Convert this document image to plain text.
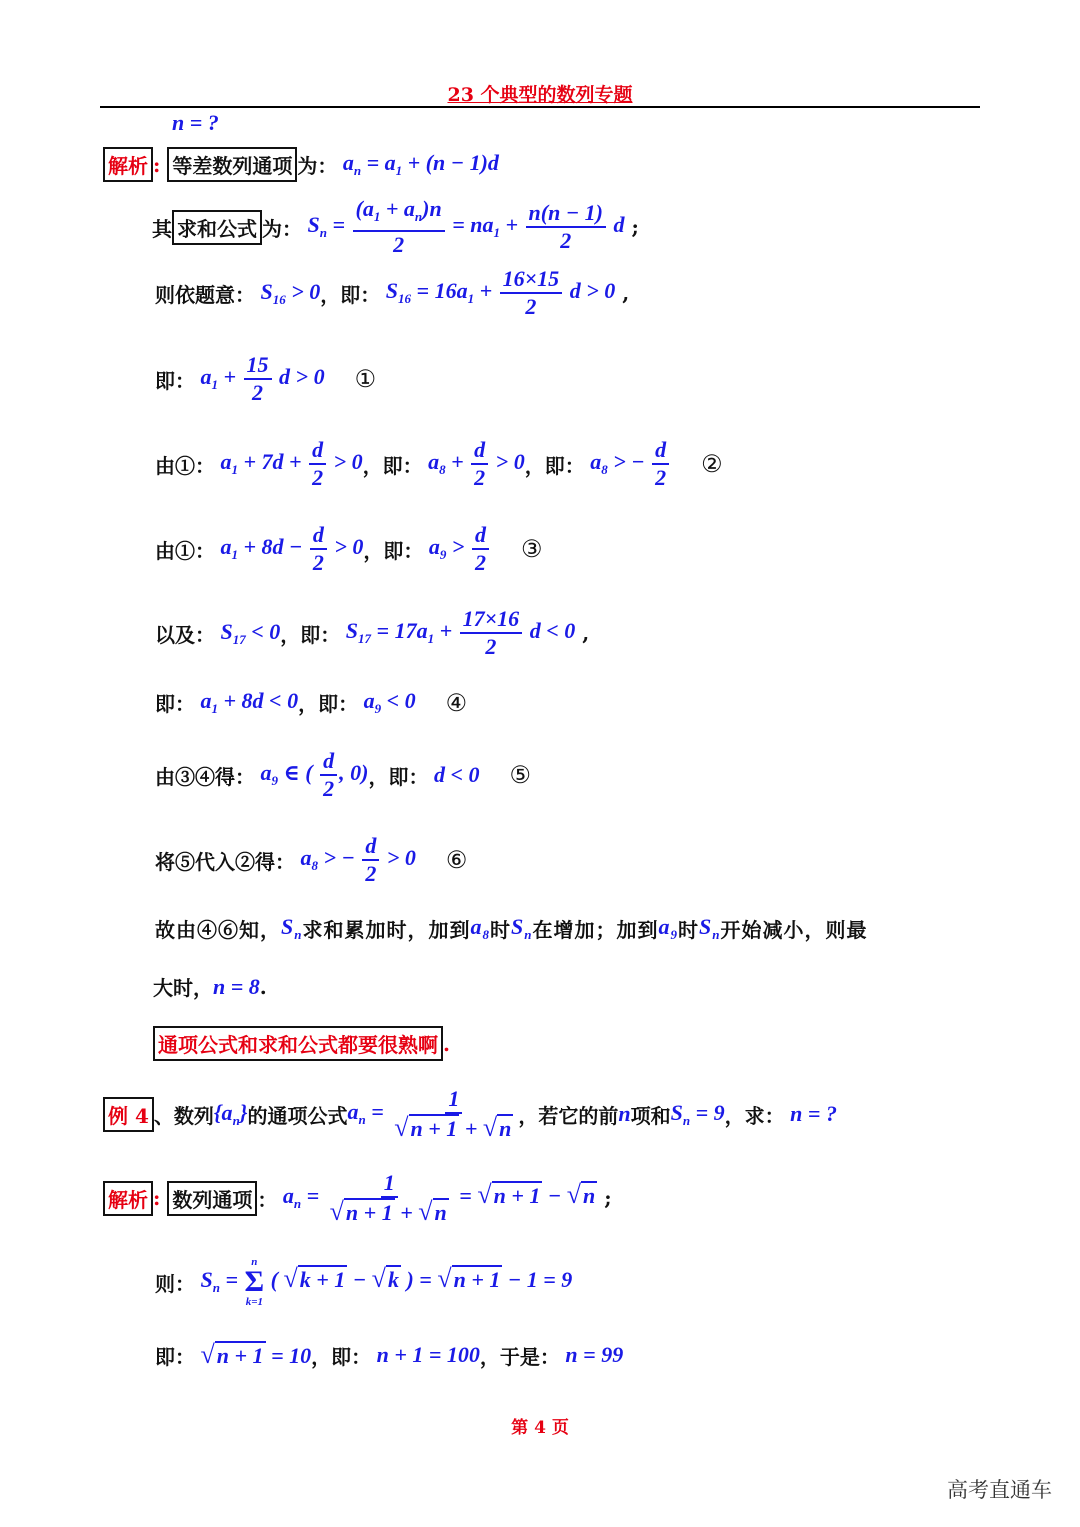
23 个典型的数列专题
n = ?
解析 : 等差数列通项 为： $a_n = a_1 + (n - 1)d$
其 求和公式 为： $S_n = \frac{(a_1 + a_n)n}{2} = na_1 + \frac{n(n - 1)}{2}$ d ;
则依题意： $S_{16} > 0$ ，即： $S_{16} = 16a_1 + \frac{16\times 15}{2}$ d > 0 ,
即： $a_1 + \frac{15}{2}$ d > 0 ①
由①： $a_1 + 7d + \frac{d}{2} > 0$ ，即： $a_8 + \frac{d}{2} > 0$ ，即： $a_8$ > − $\frac{d}{2}$ ②
由①： $a_1 + 8d - \frac{d}{2} > 0$ ，即： $a_9 > \frac{d}{2}$ ③
以及： $S_{17} < 0$ ，即： $S_{17} = 17a_1 + \frac{17\times 16}{2}$ d < 0 ,
即： $a_1 + 8d < 0$ ，即： $a_9 < 0$ ④
由③④得： $a_9$ ∈ ( $\frac{d}{2}$ , 0) ，即： d < 0 ⑤
将⑤代入②得： $a_8$ > − $\frac{d}{2} > 0$ ⑥
故由④⑥知， $S_n$ 求和累加时，加到 $a_8$ 时 $S_n$ 在增加；加到 $a_9$ 时 $S_n$ 开始减小，则最
大时， n = 8 .
通项公式和求和公式都要很熟啊 .
例 4 、数列 $\{a_n\}$ 的通项公式 $a_n = \frac{1}{√ n + 1 + √ n}$ ，若它的前 n 项和 $S_n = 9$ ，求： n = ?
解析 : 数列通项 ： $a_n = \frac{1}{√ n + 1 + √ n}$ = √ n + 1 − √ n ;
则： $S_n$ =
n
Σ
k=1
( √ k + 1 − √ k ) = √ n + 1 − 1 = 9
即：
√ n + 1 = 10 ，即： n + 1 = 100 ，于是： n = 99
第 4 页
高考直通车
